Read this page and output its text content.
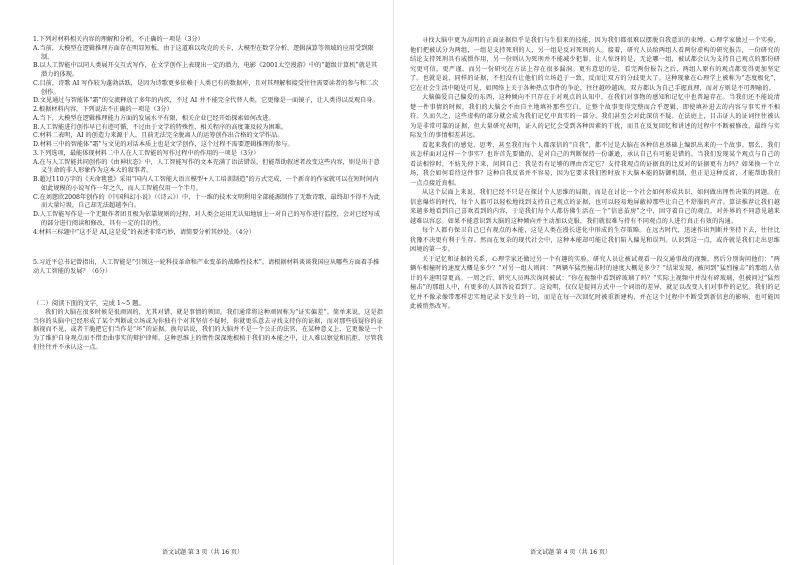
1.下列对材料相关内容的理解和分析，不正确的一项是（3分）

A.当前，大模型在逻辑推理方面存在明显短板，由于这道难以攻克的关卡，大模型在数学分析、逻辑演算等领域的应用受到限制。

B.以人工智能中以同人类展开交互式写作，在文学创作上表现出一定的潜力，电影《2001太空漫游》中的“超级计算机”就是其潜力的体现。

C.目前，诗歌 AI 写作较为蓬勃活跃，是因为诗歌更多依赖于人类已有的数据库，且对其理解和接受往往需要读者的参与和二次创作。

D.文见通过与智能体“霜”的交流释放了多年的内疚，不过 AI 并不能完全代替人类，它更像是一面镜子，让人类得以反观自身。

2.根据材料内容，下列说法不正确的一项是（3分）

A.当下，大模型在逻辑推理能力方面的发展水平有限，相关企业已经开始探索如何改进。

B.人工智能进行创作早已有迹可循，不过由于文学的特殊性，相关程序的高度兼及较为困难。

C.材料二表明，AI 的创造力来源于人，且前无法完全脱离人的运筹创作出合格的文学作品。

D.材料三中的智能体“霜”与文见的对话本质上也是文学创作，这个过程不需要逻辑推理的参与。

3.下列选项，最能体现材料二中人在人工智能的写作过程中的作用的一项是（3分）

A.在与人工智能共同创作的《由神状态》中，人工智能写作的文本充满了语法错误，但能帮助叙述者改变这些内容，则是出于意义生命的非人形象作为这本大的叙事者。

B.超过110万字的《天命毯毯》采用“国内人工智能大语言模型+人工培训制造”的方式完成，一个新奇的作家就可以在短时间内如此规模的小说写作一年之久，而人工智能仅用一个半月。

C.在刘慈欣2008年创作的《中国科幻小说》（《诗云》）中，十一维的技术文明利用全部能源制作了无数诗歌，最终却不得不为此而大量垃圾，自己却无法超越李白。

D.人工智能写作是一个无限作者团且极为依靠规则的过程，对人类会运用无认知地加上一对自己的写作进行监控，会对已经写成的部分进行阅读和修改，具有一定的目的性。

4.材料三标题中“这不是 AI,这是爱”的表述非常巧妙，请简要分析其妙处。（4分）

5.习近平总书记曾指出，人工智能是“引领这一轮科技革命和产业变革的战略性技术”。请根据材料谈谈我国应从哪些方面着手推动人工智能的发展？（6分）

（二）阅读下面的文字，完成 1~5 题。

我们的大脑在很多时候是很顽固的，尤其对错，就是事情的领回。我们通常将这种顽固称为“证实偏差”。简单来说，这是指当你的头脑中已经形成了某个判断或立场或为你独有个对其坚信不疑时，你就更乐意去寻找支持你的证据，而对那些质疑你的证据视而不见、或者干脆把它们当作是“坏”的证据。换句话说，我们的大脑并不是一个公正的法官，在某种意义上，它更像是一个为了维护自身观点而不惜歪曲事实的辩护律师。这种思维上的惰性深深地根植于我们的本能之中，让人难以察觉和抗拒，尽管我们往往并不承认这一点。

语文试题 第 3 页（共 16 页）

寻找大脑中更为高明的正面证据似乎是我们与生俱来的技能，因为我们都很难以摆脱自我意识的束缚。心理学家做过一个实验，他们把被试分为两组，一组是支持死刑的人，另一组是反对死刑的人。接着，研究人员给两组人看两份虚构的研究报告，一份研究的结论支持死刑具有威慑作用，另一份则认为死刑并不能减少犯罪。让人惊讶的是，无论哪一组，被试都会认为支持自己观点的那份研究更可信，更严谨，而另一份研究在方法上存在很多漏洞。更有意思的是，看完两份报告之后，两组人原有的观点都变得更加坚定了。也就是说，同样的证据，不但没有让他们的立场趋于一致，反而让双方的分歧更大了。这种现象在心理学上被称为“态度极化”，它在社会生活中随处可见，如网络上关于各种热点事件的争论，往往越吵越凶，双方都认为自己手握真理，而对方则是不可理喻的。

大脑偏爱自己偏爱的东西，这种倾向不只存在于对观点的认知中，在我们对事物的感知和记忆中也普遍存在。当我们还不能说清楚一件事情的时候，我们的大脑会不由自主地填补那些空白，让整个故事变得完整而合乎逻辑，即使填补进去的内容与事实并不相符。久而久之，这些虚构的部分就会成为我们记忆中真实的一部分，我们甚至会对此深信不疑。在法庭上，目击证人的证词往往被认为是非常可靠的证据，但大量研究表明，证人的记忆会受到各种因素的干扰，而且在反复回忆和讲述的过程中不断被修改，最终与实际发生的事情相差甚远。

看起来我们的感觉、思考，甚至我们每个人都深信的“自我”，都不过是大脑在各种信息基础上编织出来的一个故事。那么，我们该怎样面对这样一个事实？也许首先要做的，是对自己的判断保持一份谦逊，承认自己有可能是错的。当我们发现某个观点与自己的看法相悖时，不妨先停下来，问问自己：我是否有足够的理由否定它？支持我观点的证据真的比反对的证据更有力吗？如果换一个立场，我会如何看待这件事？这种自我反省并不容易，因为它要求我们暂时放下大脑本能的防御机制，但正是这种反省，才能帮助我们一点点接近真相。

从这个层面上来说，我们已经不只是在探讨个人思维的局限，而是在讨论一个社会如何形成共识、如何做出理性决策的问题。在信息爆炸的时代，每个人都可以轻松地找到支持自己观点的证据，也可以轻易地屏蔽掉那些让自己不舒服的声音。算法推荐让我们越来越多地看到自己喜欢看到的内容，于是我们每个人都仿佛生活在一个“信息茧房”之中，固守着自己的观点，对外界的不同意见越来越难以容忍。如果不能意识到大脑的这种倾向并主动加以克服，我们就很难与持有不同观点的人进行真正有效的沟通。

每个人都有保卫自己已有观点的本能，这是人类在漫长进化中形成的生存策略。在远古时代，迅速作出判断并坚持下去，往往比犹豫不决更有利于生存。然而在复杂的现代社会中，这种本能却可能让我们陷入偏见和误判。认识到这一点，或许就是我们走出思维困境的第一步。

关于记忆和证据的关系，心理学家还做过另一个有趣的实验。研究人员让被试观看一段交通事故的视频，然后分别询问他们：“两辆车相撞时的速度大概是多少？”对另一组人则问：“两辆车猛烈撞击时的速度大概是多少？”结果发现，被问到“猛烈撞击”的那组人估计的车速明显更高。一周之后，研究人员再次询问被试：“你在视频中看到碎玻璃了吗？”实际上视频中并没有碎玻璃，但被问过“猛烈撞击”的那组人中，有更多的人回答说看到了。这说明，仅仅是提问方式中一个词语的差异，就足以改变人们对事件的记忆。我们的记忆并不像录像带那样忠实地记录下发生的一切，而是在每一次回忆时被重新建构，并在这个过程中不断受到新信息的影响，也可能因此被悄然改写。

语文试题 第 4 页（共 16 页）
